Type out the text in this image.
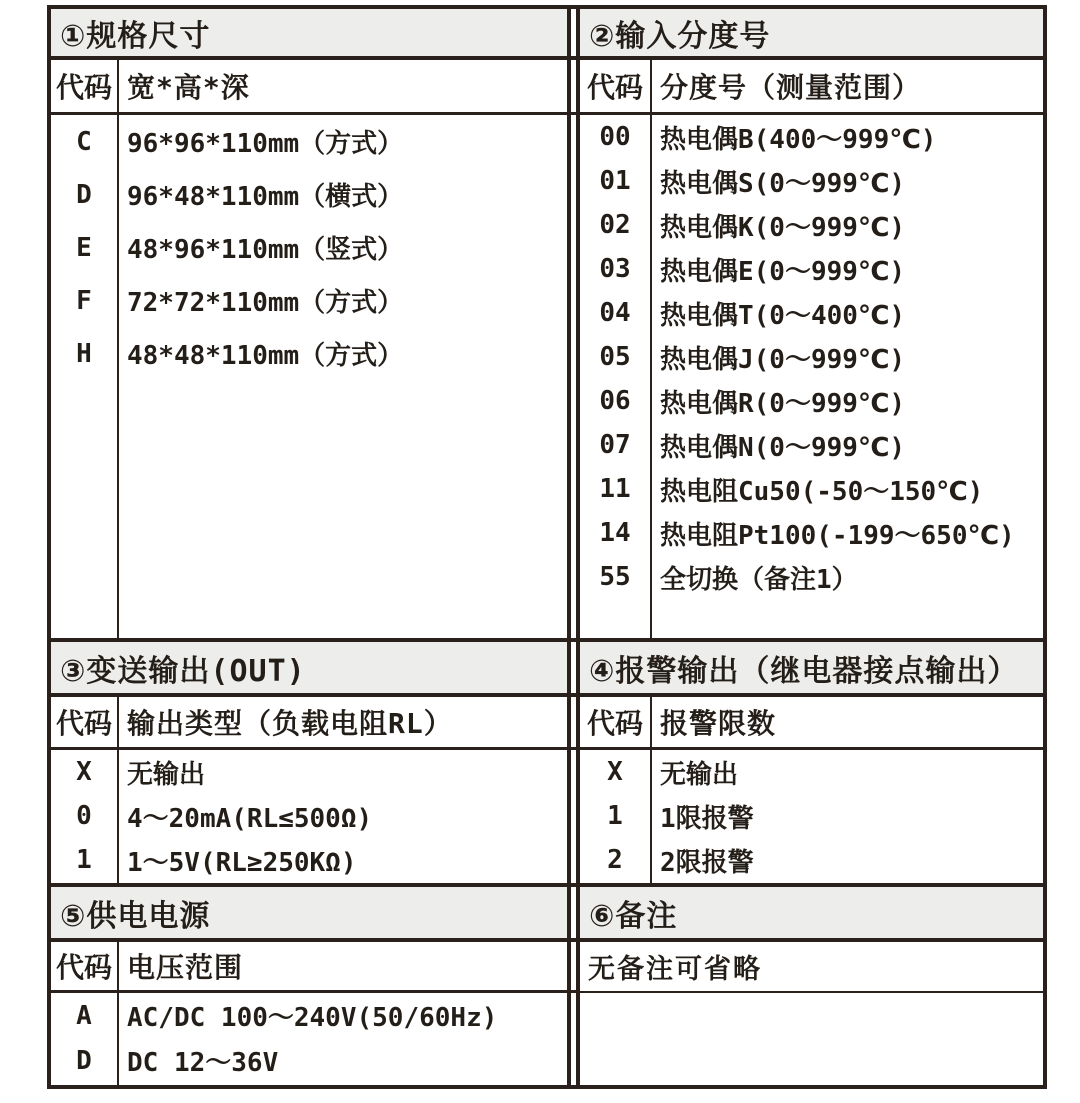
①规格尺寸
代码 宽*高*深
C	96*96*110mm（方式）
D	96*48*110mm（横式）
E	48*96*110mm（竖式）
F	72*72*110mm（方式）
H	48*48*110mm（方式）
③变送输出(OUT)
代码 输出类型（负载电阻RL）
X	无输出
0	4～20mA(RL≤500Ω)
1	1～5V(RL≥250KΩ)
⑤供电电源
代码 电压范围
A	AC/DC 100～240V(50/60Hz)
D	DC 12～36V
②输入分度号
代码 分度号（测量范围）
00	热电偶B(400～999℃)
01	热电偶S(0～999℃)
02	热电偶K(0～999℃)
03	热电偶E(0～999℃)
04	热电偶T(0～400℃)
05	热电偶J(0～999℃)
06	热电偶R(0～999℃)
07	热电偶N(0～999℃)
11	热电阻Cu50(-50～150℃)
14	热电阻Pt100(-199～650℃)
55	全切换（备注1）
④报警输出（继电器接点输出）
代码 报警限数
X	无输出
1	1限报警
2	2限报警
⑥备注
无备注可省略
